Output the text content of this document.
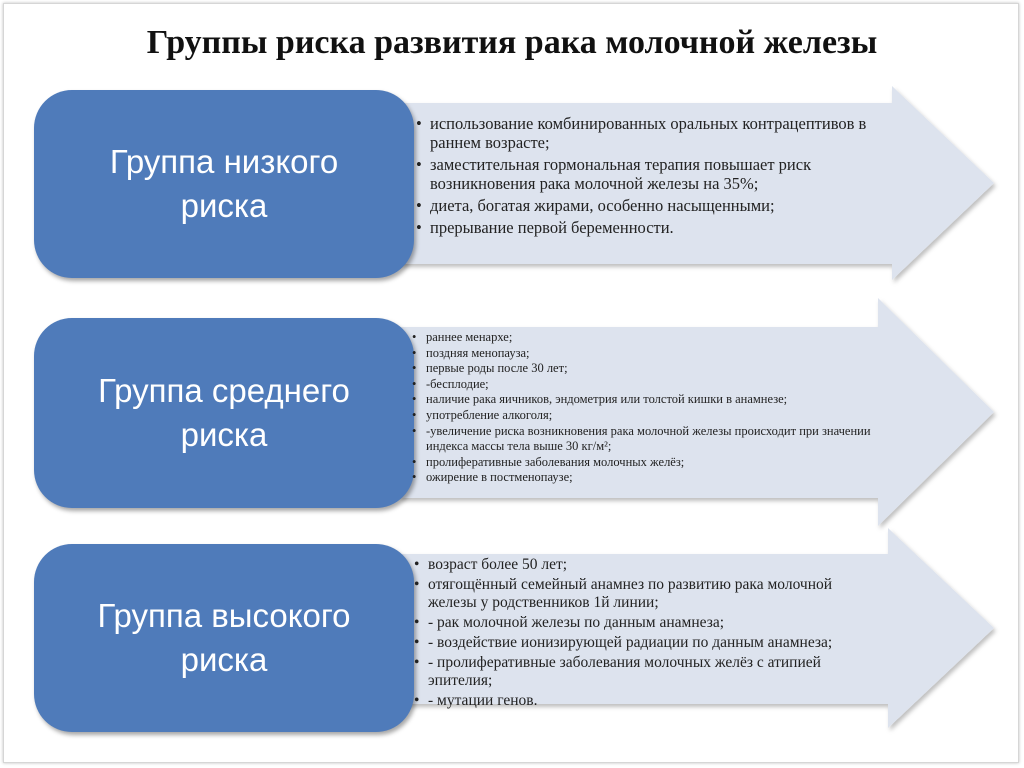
Группы риска развития рака молочной железы
Группа низкого риска
Группа среднего риска
Группа высокого риска
• использование комбинированных оральных контрацептивов в раннем возрасте;
• заместительная гормональная терапия повышает риск возникновения рака молочной железы на 35%;
• диета, богатая жирами, особенно насыщенными;
• прерывание первой беременности.
• раннее менархе;
• поздняя менопауза;
• первые роды после 30 лет;
• -бесплодие;
• наличие рака яичников, эндометрия или толстой кишки в анамнезе;
• употребление алкоголя;
• -увеличение риска возникновения рака молочной железы происходит при значении индекса массы тела выше 30 кг/м²;
• пролиферативные заболевания молочных желёз;
• ожирение в постменопаузе;
• возраст более 50 лет;
• отягощённый семейный анамнез по развитию рака молочной железы у родственников 1й линии;
• - рак молочной железы по данным анамнеза;
• - воздействие ионизирующей радиации по данным анамнеза;
• - пролиферативные заболевания молочных желёз с атипией эпителия;
• - мутации генов.
